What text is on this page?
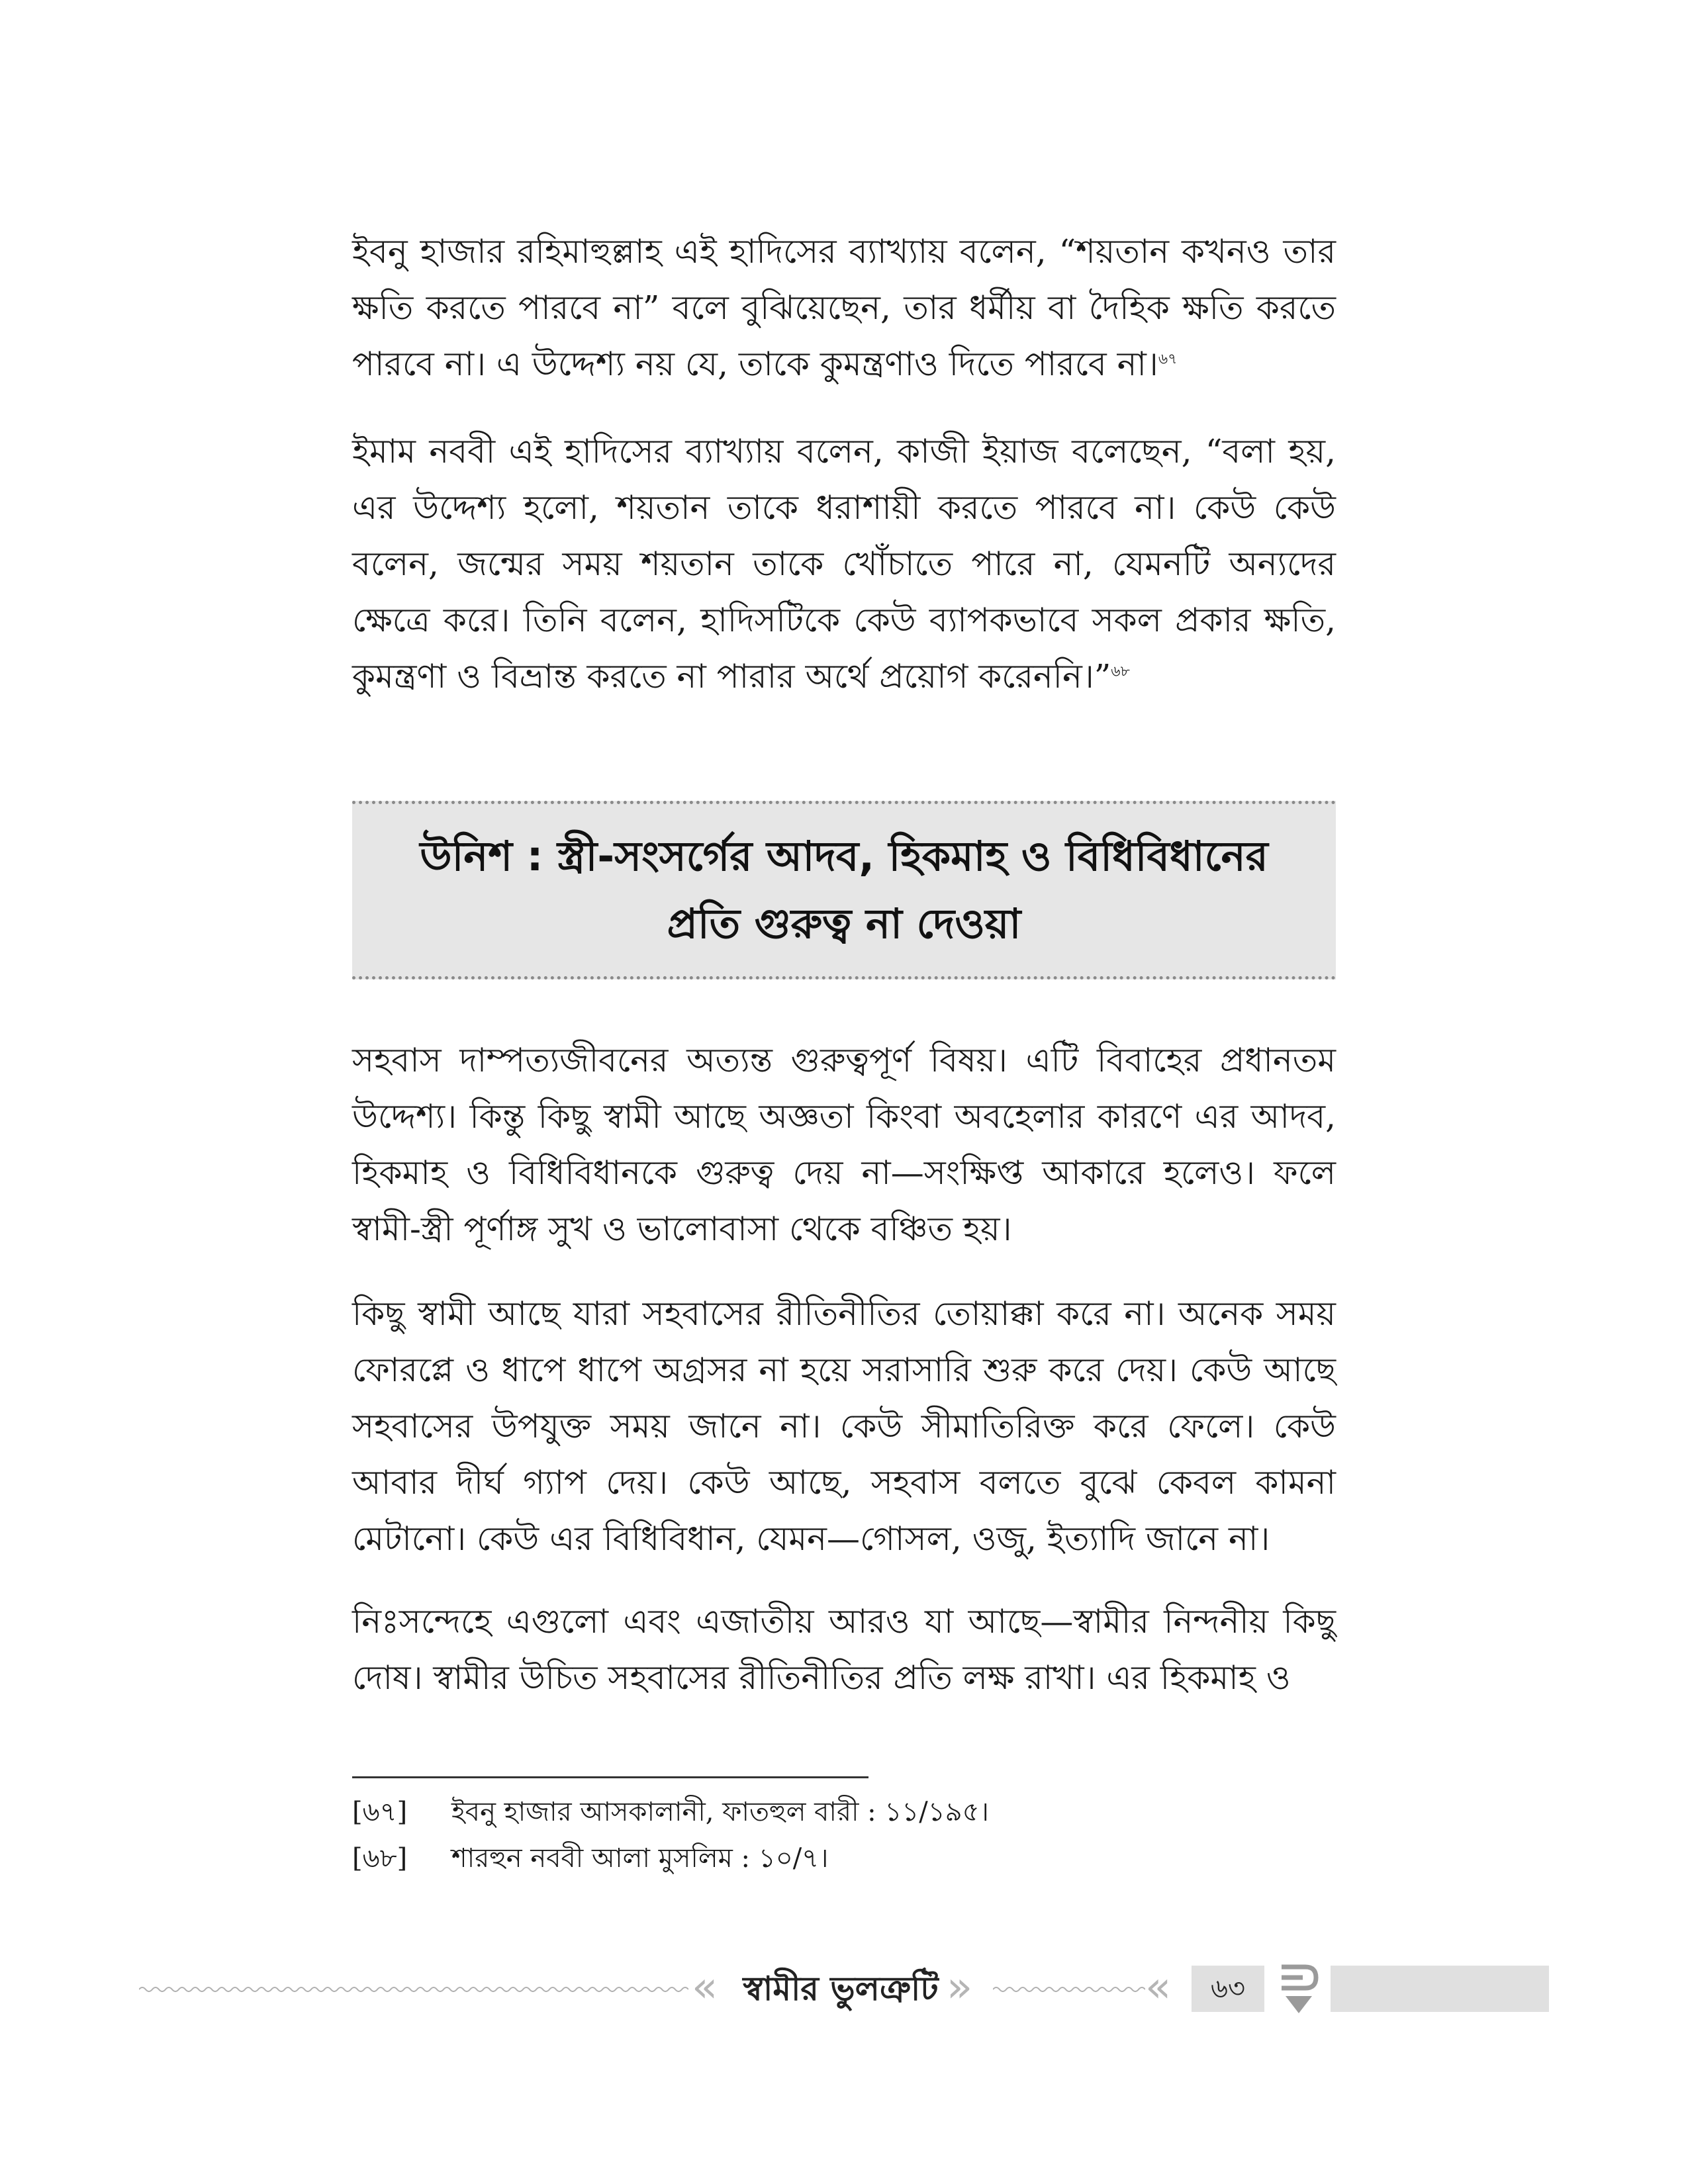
ইবনু হাজার রহিমাহুল্লাহ এই হাদিসের ব্যাখ্যায় বলেন, “শয়তান কখনও তার ক্ষতি করতে পারবে না” বলে বুঝিয়েছেন, তার ধর্মীয় বা দৈহিক ক্ষতি করতে পারবে না। এ উদ্দেশ্য নয় যে, তাকে কুমন্ত্রণাও দিতে পারবে না।$^{৬৭}$

ইমাম নববী এই হাদিসের ব্যাখ্যায় বলেন, কাজী ইয়াজ বলেছেন, “বলা হয়, এর উদ্দেশ্য হলো, শয়তান তাকে ধরাশায়ী করতে পারবে না। কেউ কেউ বলেন, জন্মের সময় শয়তান তাকে খোঁচাতে পারে না, যেমনটি অন্যদের ক্ষেত্রে করে। তিনি বলেন, হাদিসটিকে কেউ ব্যাপকভাবে সকল প্রকার ক্ষতি, কুমন্ত্রণা ও বিভ্রান্ত করতে না পারার অর্থে প্রয়োগ করেননি।”$^{৬৮}$

উনিশ : স্ত্রী-সংসর্গের আদব, হিকমাহ ও বিধিবিধানের প্রতি গুরুত্ব না দেওয়া

সহবাস দাম্পত্যজীবনের অত্যন্ত গুরুত্বপূর্ণ বিষয়। এটি বিবাহের প্রধানতম উদ্দেশ্য। কিন্তু কিছু স্বামী আছে অজ্ঞতা কিংবা অবহেলার কারণে এর আদব, হিকমাহ ও বিধিবিধানকে গুরুত্ব দেয় না—সংক্ষিপ্ত আকারে হলেও। ফলে স্বামী-স্ত্রী পূর্ণাঙ্গ সুখ ও ভালোবাসা থেকে বঞ্চিত হয়।

কিছু স্বামী আছে যারা সহবাসের রীতিনীতির তোয়াক্কা করে না। অনেক সময় ফোরপ্লে ও ধাপে ধাপে অগ্রসর না হয়ে সরাসারি শুরু করে দেয়। কেউ আছে সহবাসের উপযুক্ত সময় জানে না। কেউ সীমাতিরিক্ত করে ফেলে। কেউ আবার দীর্ঘ গ্যাপ দেয়। কেউ আছে, সহবাস বলতে বুঝে কেবল কামনা মেটানো। কেউ এর বিধিবিধান, যেমন—গোসল, ওজু, ইত্যাদি জানে না।

নিঃসন্দেহে এগুলো এবং এজাতীয় আরও যা আছে—স্বামীর নিন্দনীয় কিছু দোষ। স্বামীর উচিত সহবাসের রীতিনীতির প্রতি লক্ষ রাখা। এর হিকমাহ ও

[৬৭] ইবনু হাজার আসকালানী, ফাতহুল বারী : ১১/১৯৫।
[৬৮] শারহুন নববী আলা মুসলিম : ১০/৭।
« স্বামীর ভুলত্রুটি »	«	৬৩
